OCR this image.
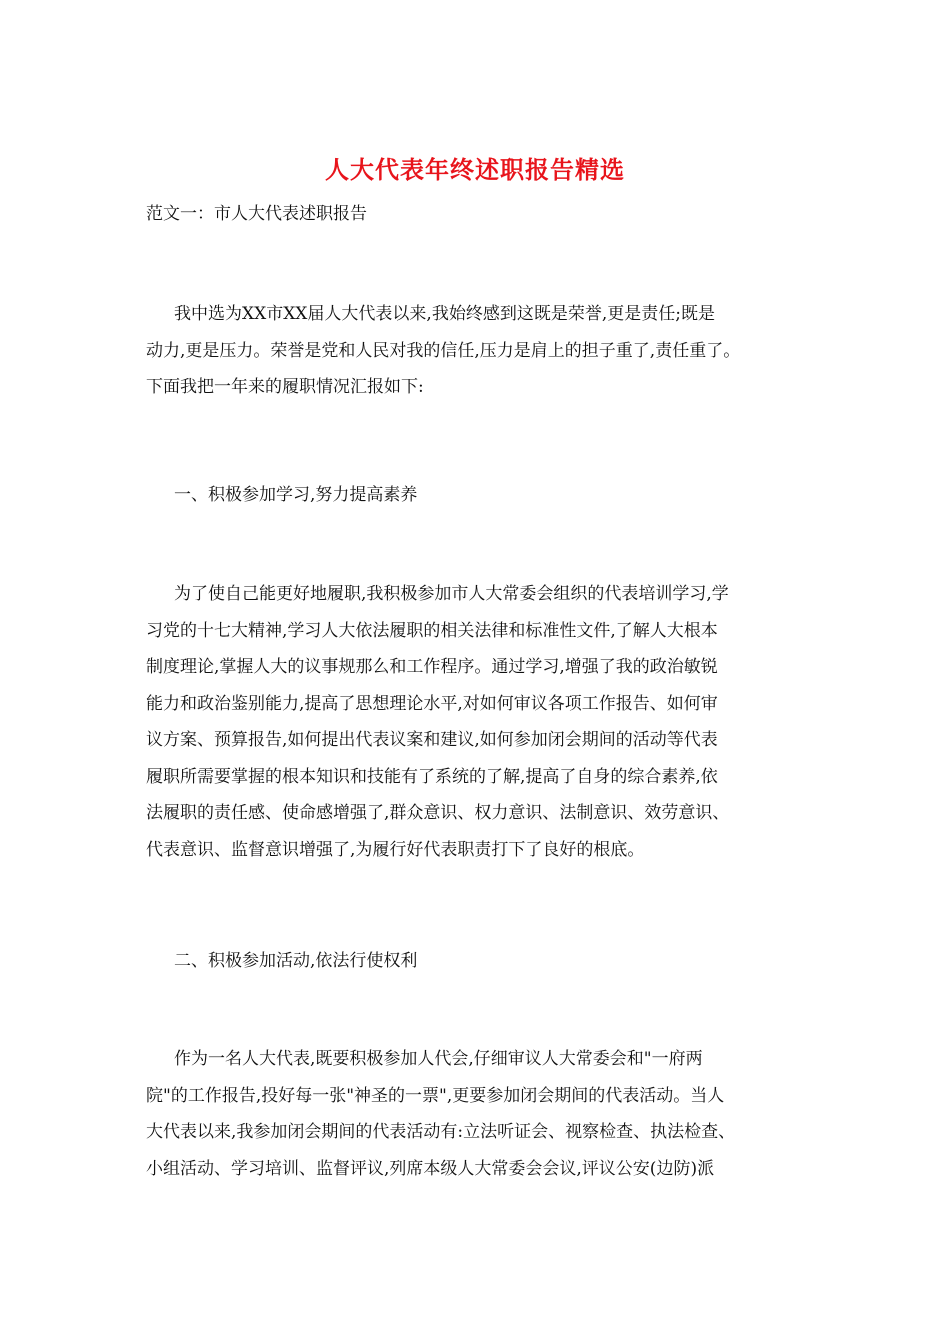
人大代表年终述职报告精选

范文一：市人大代表述职报告

我中选为XX市XX届人大代表以来,我始终感到这既是荣誉,更是责任;既是
动力,更是压力。荣誉是党和人民对我的信任,压力是肩上的担子重了,责任重了。
下面我把一年来的履职情况汇报如下:

一、积极参加学习,努力提高素养

为了使自己能更好地履职,我积极参加市人大常委会组织的代表培训学习,学
习党的十七大精神,学习人大依法履职的相关法律和标准性文件,了解人大根本
制度理论,掌握人大的议事规那么和工作程序。通过学习,增强了我的政治敏锐
能力和政治鉴别能力,提高了思想理论水平,对如何审议各项工作报告、如何审
议方案、预算报告,如何提出代表议案和建议,如何参加闭会期间的活动等代表
履职所需要掌握的根本知识和技能有了系统的了解,提高了自身的综合素养,依
法履职的责任感、使命感增强了,群众意识、权力意识、法制意识、效劳意识、
代表意识、监督意识增强了,为履行好代表职责打下了良好的根底。

二、积极参加活动,依法行使权利

作为一名人大代表,既要积极参加人代会,仔细审议人大常委会和"一府两
院"的工作报告,投好每一张"神圣的一票",更要参加闭会期间的代表活动。当人
大代表以来,我参加闭会期间的代表活动有:立法听证会、视察检查、执法检查、
小组活动、学习培训、监督评议,列席本级人大常委会会议,评议公安(边防)派
